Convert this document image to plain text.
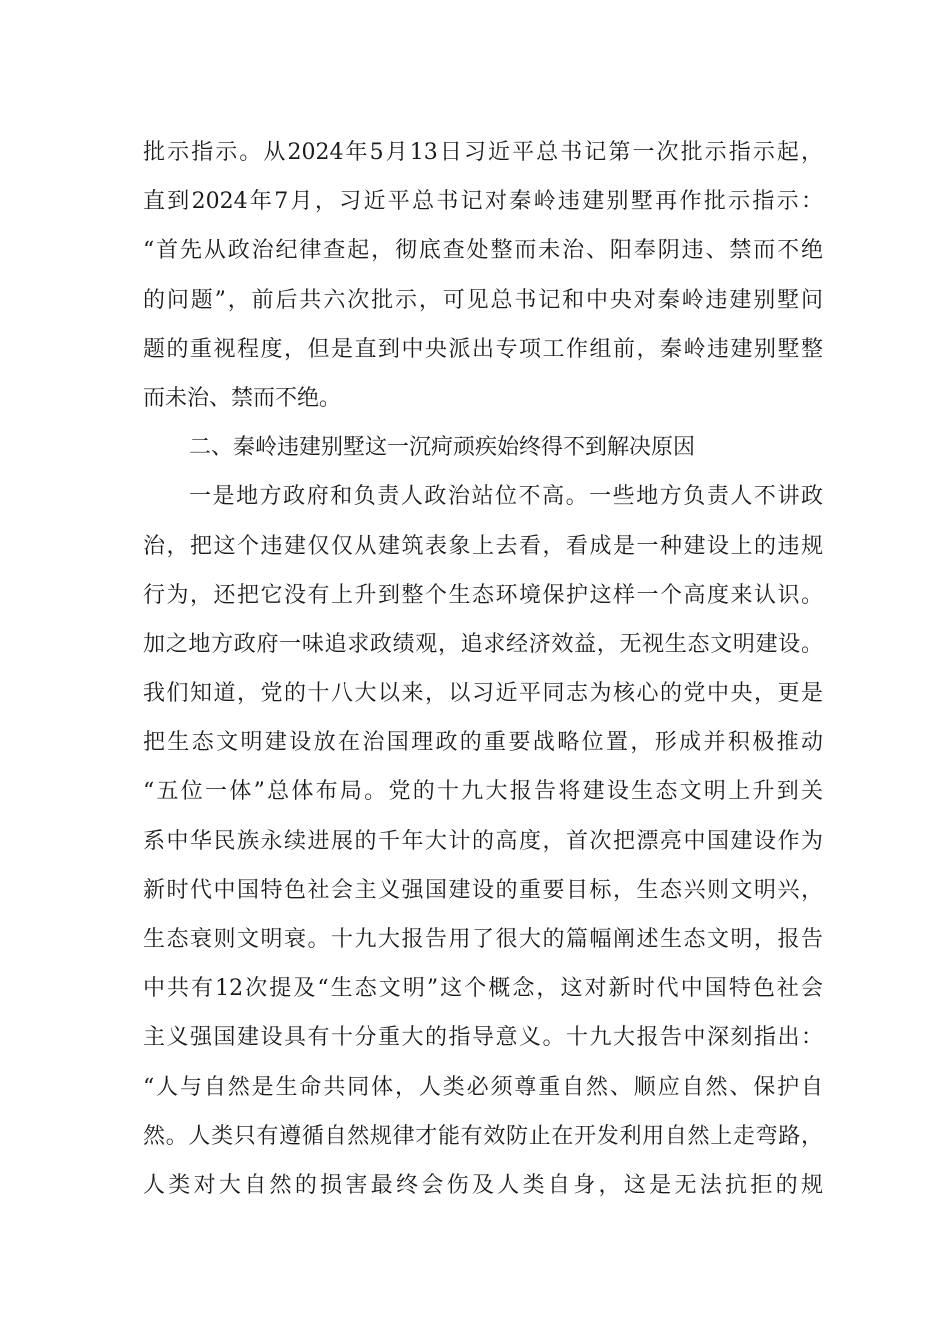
批示指示。从2024年5月13日习近平总书记第一次批示指示起，
直到2024年7月，习近平总书记对秦岭违建别墅再作批示指示：
“首先从政治纪律查起，彻底查处整而未治、阳奉阴违、禁而不绝
的问题”，前后共六次批示，可见总书记和中央对秦岭违建别墅问
题的重视程度，但是直到中央派出专项工作组前，秦岭违建别墅整
而未治、禁而不绝。
二、秦岭违建别墅这一沉疴顽疾始终得不到解决原因
一是地方政府和负责人政治站位不高。一些地方负责人不讲政
治，把这个违建仅仅从建筑表象上去看，看成是一种建设上的违规
行为，还把它没有上升到整个生态环境保护这样一个高度来认识。
加之地方政府一味追求政绩观，追求经济效益，无视生态文明建设。
我们知道，党的十八大以来，以习近平同志为核心的党中央，更是
把生态文明建设放在治国理政的重要战略位置，形成并积极推动
“五位一体”总体布局。党的十九大报告将建设生态文明上升到关
系中华民族永续进展的千年大计的高度，首次把漂亮中国建设作为
新时代中国特色社会主义强国建设的重要目标，生态兴则文明兴，
生态衰则文明衰。十九大报告用了很大的篇幅阐述生态文明，报告
中共有12次提及“生态文明”这个概念，这对新时代中国特色社会
主义强国建设具有十分重大的指导意义。十九大报告中深刻指出：
“人与自然是生命共同体，人类必须尊重自然、顺应自然、保护自
然。人类只有遵循自然规律才能有效防止在开发利用自然上走弯路，
人类对大自然的损害最终会伤及人类自身，这是无法抗拒的规
